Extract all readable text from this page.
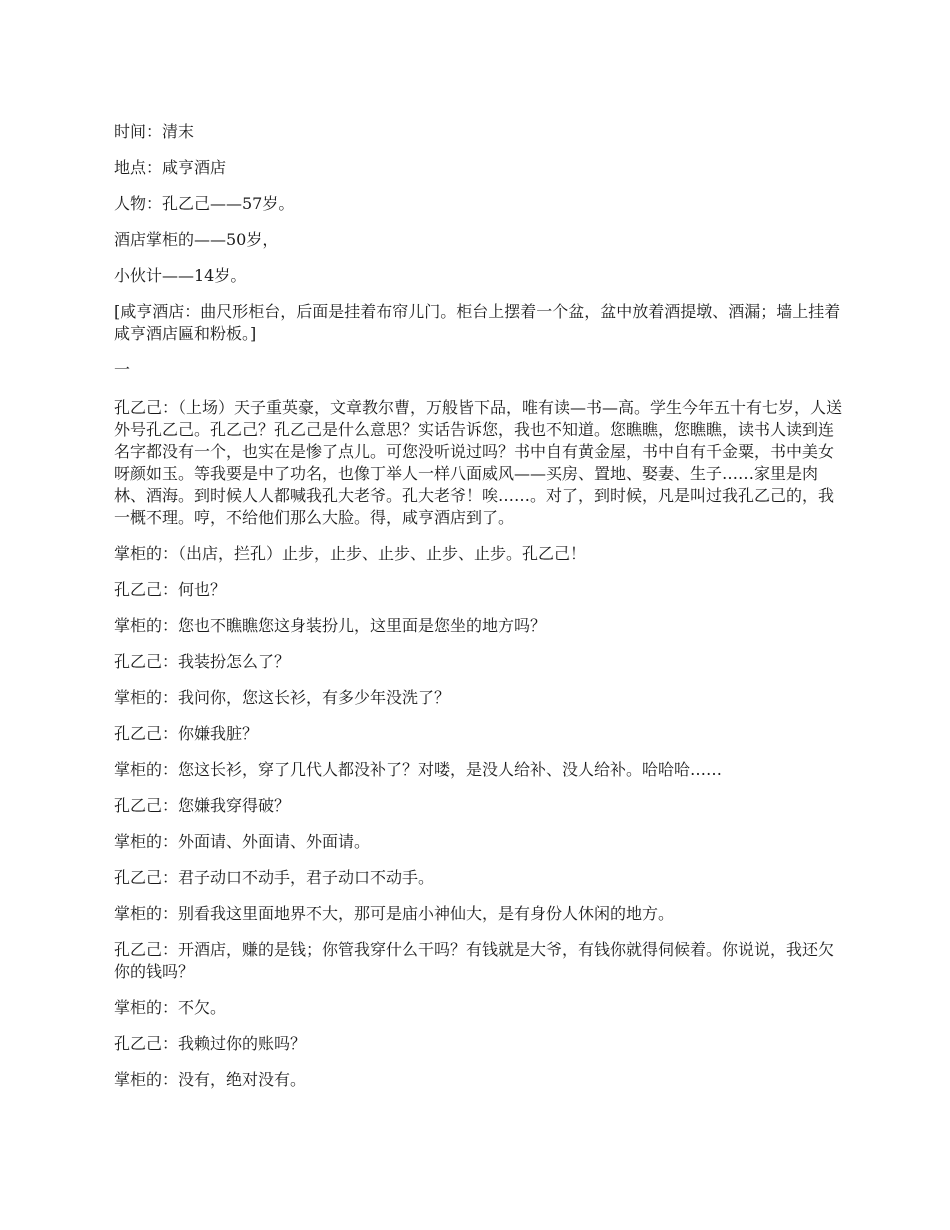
时间：清末

地点：咸亨酒店

人物：孔乙己——57岁。

酒店掌柜的——50岁，

小伙计——14岁。

[咸亨酒店：曲尺形柜台，后面是挂着布帘儿门。柜台上摆着一个盆，盆中放着酒提墩、酒漏；墙上挂着咸亨酒店匾和粉板。]

一

孔乙己：（上场）天子重英豪，文章教尔曹，万般皆下品，唯有读—书—高。学生今年五十有七岁，人送外号孔乙己。孔乙己？孔乙己是什么意思？实话告诉您，我也不知道。您瞧瞧，您瞧瞧，读书人读到连名字都没有一个，也实在是惨了点儿。可您没听说过吗？书中自有黄金屋，书中自有千金粟，书中美女呀颜如玉。等我要是中了功名，也像丁举人一样八面威风——买房、置地、娶妻、生子……家里是肉林、酒海。到时候人人都喊我孔大老爷。孔大老爷！唉……。对了，到时候，凡是叫过我孔乙己的，我一概不理。哼，不给他们那么大脸。得，咸亨酒店到了。

掌柜的：（出店，拦孔）止步，止步、止步、止步、止步。孔乙己！

孔乙己：何也？

掌柜的：您也不瞧瞧您这身装扮儿，这里面是您坐的地方吗？

孔乙己：我装扮怎么了？

掌柜的：我问你，您这长衫，有多少年没洗了？

孔乙己：你嫌我脏？

掌柜的：您这长衫，穿了几代人都没补了？对喽，是没人给补、没人给补。哈哈哈……

孔乙己：您嫌我穿得破？

掌柜的：外面请、外面请、外面请。

孔乙己：君子动口不动手，君子动口不动手。

掌柜的：别看我这里面地界不大，那可是庙小神仙大，是有身份人休闲的地方。

孔乙己：开酒店，赚的是钱；你管我穿什么干吗？有钱就是大爷，有钱你就得伺候着。你说说，我还欠你的钱吗？

掌柜的：不欠。

孔乙己：我赖过你的账吗？

掌柜的：没有，绝对没有。
